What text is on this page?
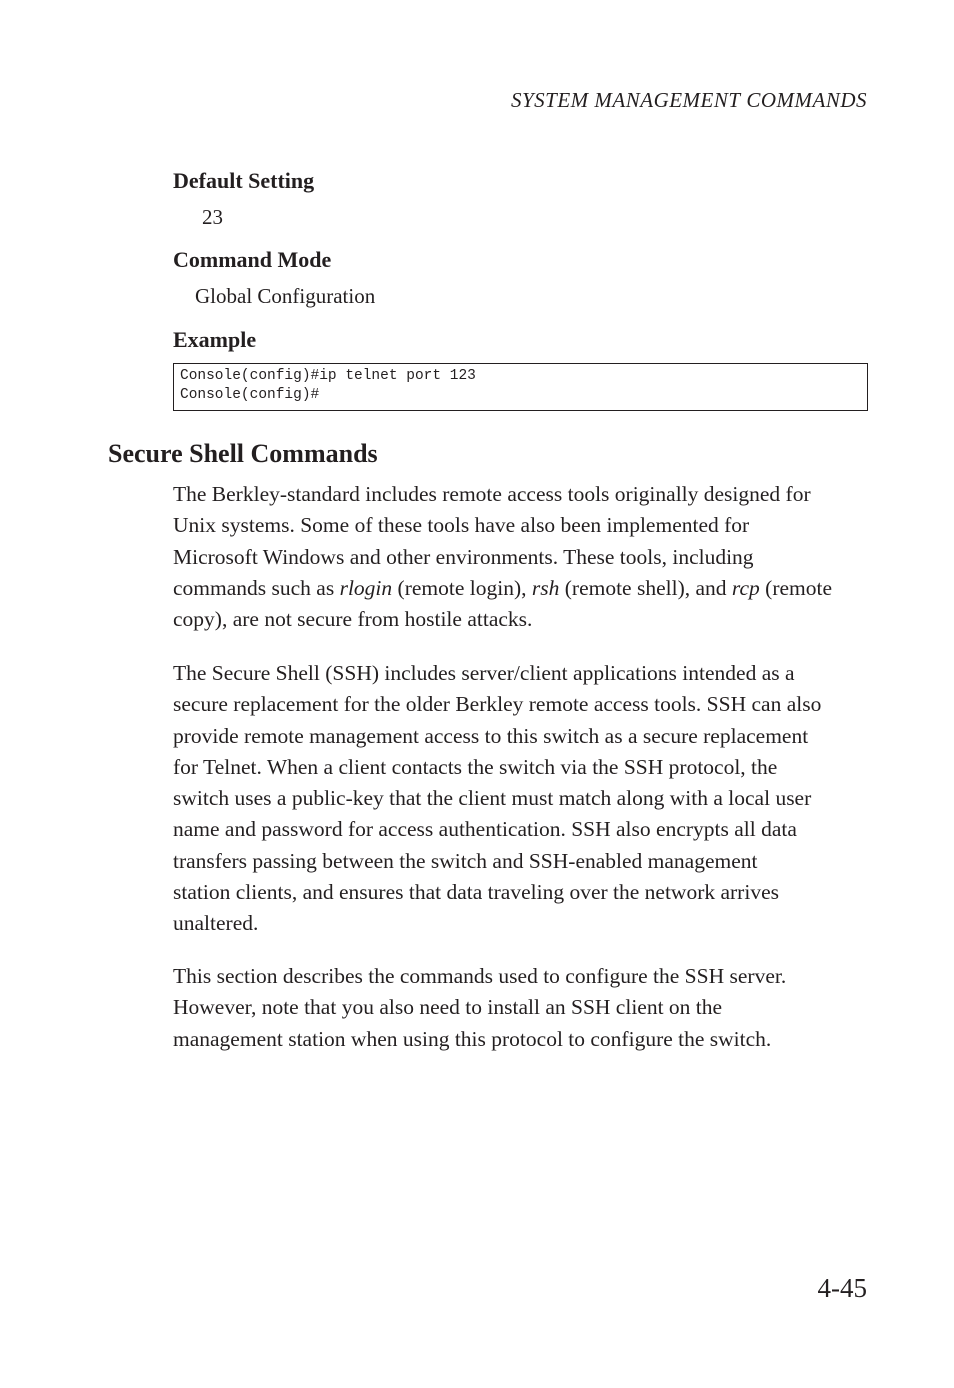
SYSTEM MANAGEMENT COMMANDS
Default Setting
23
Command Mode
Global Configuration
Example
Console(config)#ip telnet port 123
Console(config)#
Secure Shell Commands
The Berkley-standard includes remote access tools originally designed for
Unix systems. Some of these tools have also been implemented for
Microsoft Windows and other environments. These tools, including
commands such as rlogin (remote login), rsh (remote shell), and rcp (remote
copy), are not secure from hostile attacks.
The Secure Shell (SSH) includes server/client applications intended as a
secure replacement for the older Berkley remote access tools. SSH can also
provide remote management access to this switch as a secure replacement
for Telnet. When a client contacts the switch via the SSH protocol, the
switch uses a public-key that the client must match along with a local user
name and password for access authentication. SSH also encrypts all data
transfers passing between the switch and SSH-enabled management
station clients, and ensures that data traveling over the network arrives
unaltered.
This section describes the commands used to configure the SSH server.
However, note that you also need to install an SSH client on the
management station when using this protocol to configure the switch.
4-45
